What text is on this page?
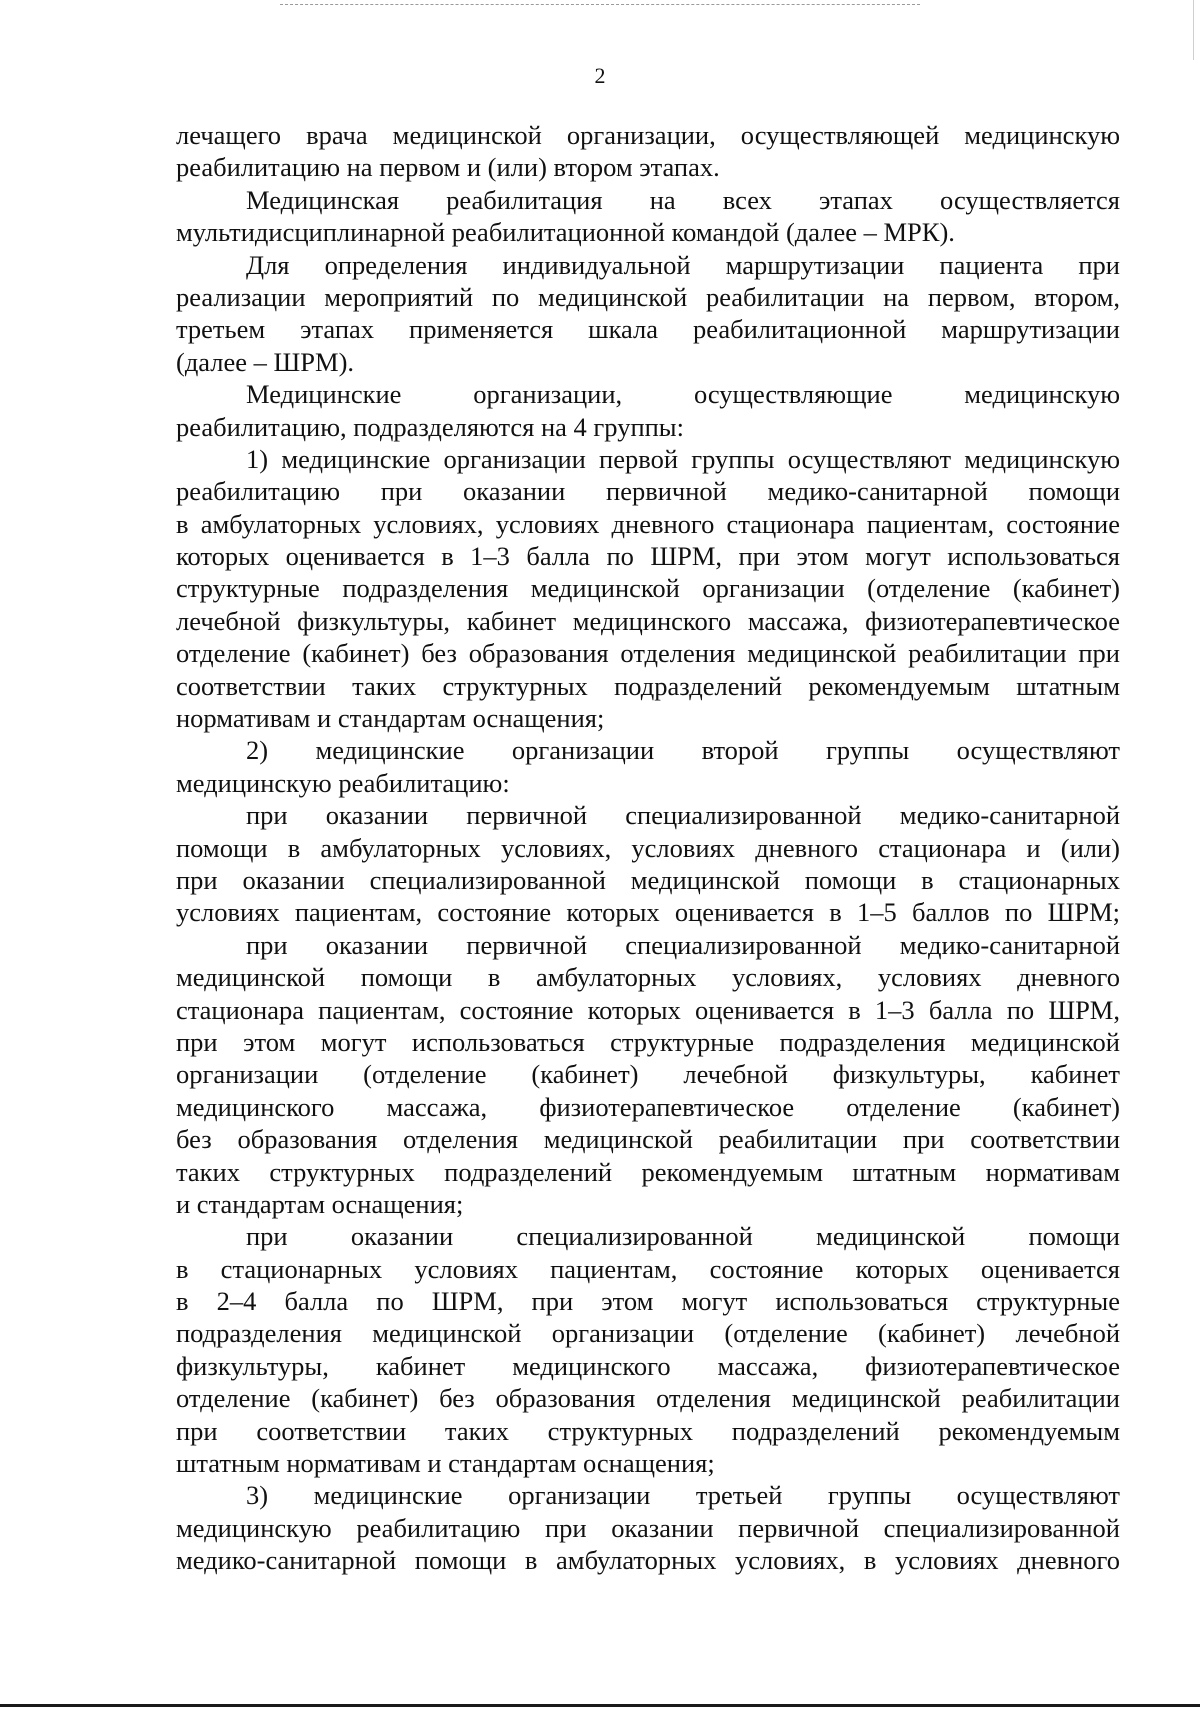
2
лечащего врача медицинской организации, осуществляющей медицинскую
реабилитацию на первом и (или) втором этапах.
Медицинская реабилитация на всех этапах осуществляется
мультидисциплинарной реабилитационной командой (далее – МРК).
Для определения индивидуальной маршрутизации пациента при
реализации мероприятий по медицинской реабилитации на первом, втором,
третьем этапах применяется шкала реабилитационной маршрутизации
(далее – ШРМ).
Медицинские организации, осуществляющие медицинскую
реабилитацию, подразделяются на 4 группы:
1) медицинские организации первой группы осуществляют медицинскую
реабилитацию при оказании первичной медико-санитарной помощи
в амбулаторных условиях, условиях дневного стационара пациентам, состояние
которых оценивается в 1–3 балла по ШРМ, при этом могут использоваться
структурные подразделения медицинской организации (отделение (кабинет)
лечебной физкультуры, кабинет медицинского массажа, физиотерапевтическое
отделение (кабинет) без образования отделения медицинской реабилитации при
соответствии таких структурных подразделений рекомендуемым штатным
нормативам и стандартам оснащения;
2) медицинские организации второй группы осуществляют
медицинскую реабилитацию:
при оказании первичной специализированной медико-санитарной
помощи в амбулаторных условиях, условиях дневного стационара и (или)
при оказании специализированной медицинской помощи в стационарных
условиях пациентам, состояние которых оценивается в 1–5 баллов по ШРМ;
при оказании первичной специализированной медико-санитарной
медицинской помощи в амбулаторных условиях, условиях дневного
стационара пациентам, состояние которых оценивается в 1–3 балла по ШРМ,
при этом могут использоваться структурные подразделения медицинской
организации (отделение (кабинет) лечебной физкультуры, кабинет
медицинского массажа, физиотерапевтическое отделение (кабинет)
без образования отделения медицинской реабилитации при соответствии
таких структурных подразделений рекомендуемым штатным нормативам
и стандартам оснащения;
при оказании специализированной медицинской помощи
в стационарных условиях пациентам, состояние которых оценивается
в 2–4 балла по ШРМ, при этом могут использоваться структурные
подразделения медицинской организации (отделение (кабинет) лечебной
физкультуры, кабинет медицинского массажа, физиотерапевтическое
отделение (кабинет) без образования отделения медицинской реабилитации
при соответствии таких структурных подразделений рекомендуемым
штатным нормативам и стандартам оснащения;
3) медицинские организации третьей группы осуществляют
медицинскую реабилитацию при оказании первичной специализированной
медико-санитарной помощи в амбулаторных условиях, в условиях дневного
